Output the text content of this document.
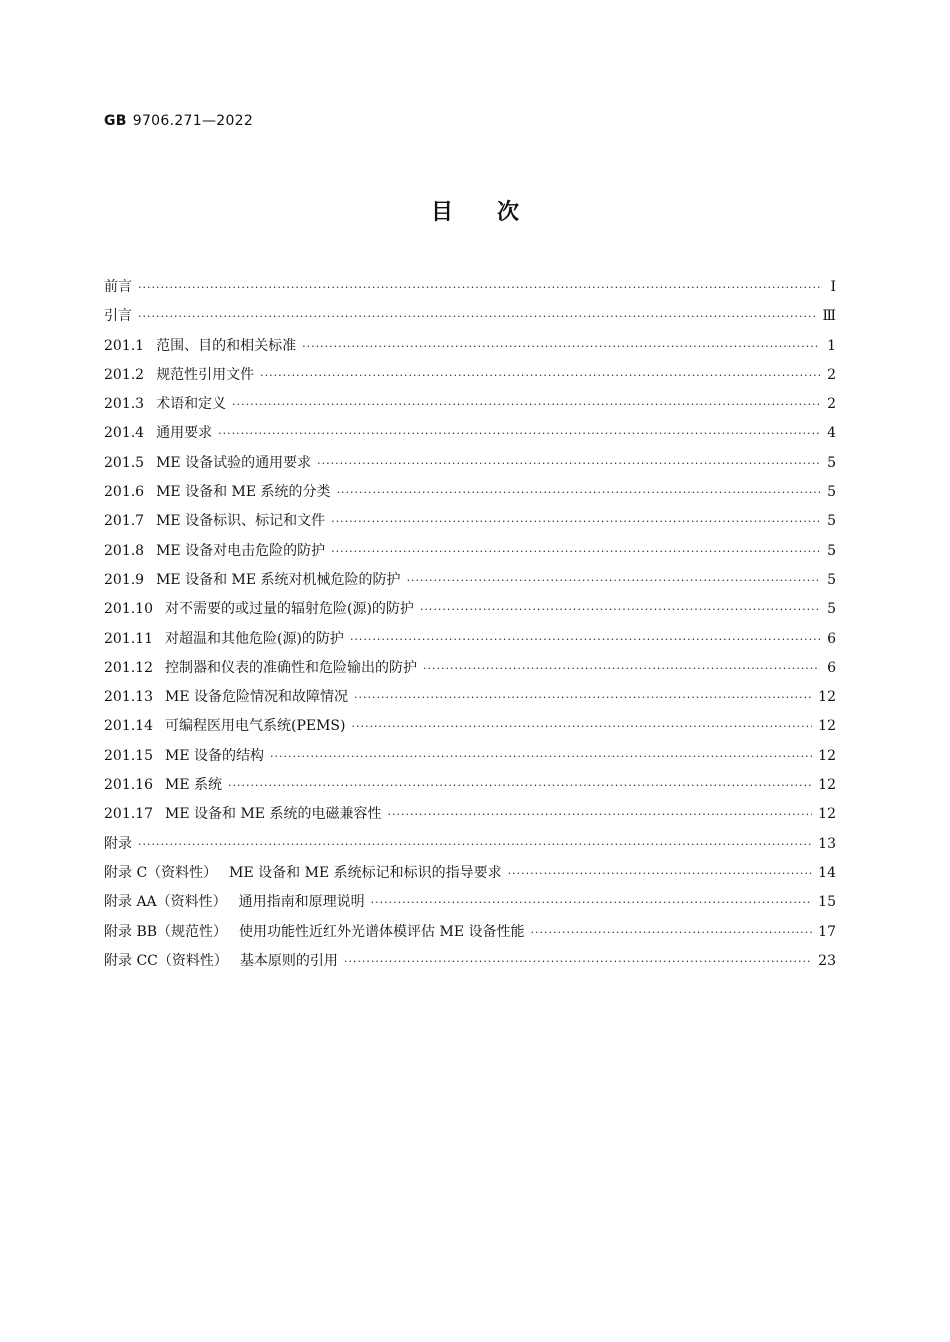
GB 9706.271—2022
目次
前言 ·····	Ⅰ
引言 ·····	Ⅲ
201.1 范围、目的和相关标准 ·····	1
201.2 规范性引用文件 ·····	2
201.3 术语和定义 ·····	2
201.4 通用要求 ·····	4
201.5 ME 设备试验的通用要求 ·····	5
201.6 ME 设备和 ME 系统的分类 ·····	5
201.7 ME 设备标识、标记和文件 ·····	5
201.8 ME 设备对电击危险的防护 ·····	5
201.9 ME 设备和 ME 系统对机械危险的防护 ·····	5
201.10 对不需要的或过量的辐射危险(源)的防护 ·····	5
201.11 对超温和其他危险(源)的防护 ·····	6
201.12 控制器和仪表的准确性和危险输出的防护 ·····	6
201.13 ME 设备危险情况和故障情况 ·····	12
201.14 可编程医用电气系统(PEMS) ·····	12
201.15 ME 设备的结构 ·····	12
201.16 ME 系统 ·····	12
201.17 ME 设备和 ME 系统的电磁兼容性 ·····	12
附录 ·····	13
附录 C（资料性） ME 设备和 ME 系统标记和标识的指导要求 ·····	14
附录 AA（资料性） 通用指南和原理说明 ·····	15
附录 BB（规范性） 使用功能性近红外光谱体模评估 ME 设备性能 ·····	17
附录 CC（资料性） 基本原则的引用 ·····	23
